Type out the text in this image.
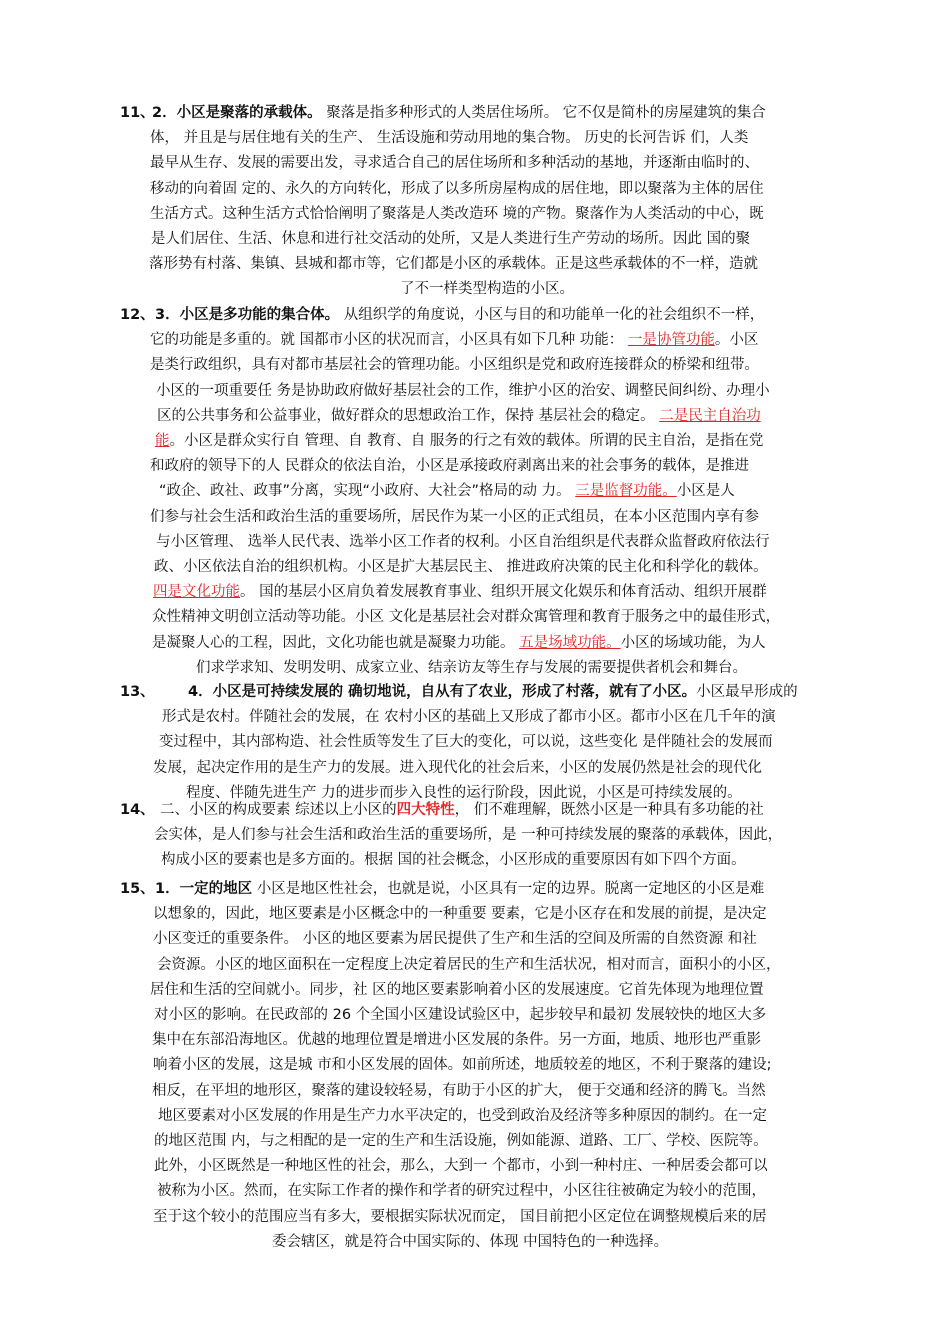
11、
2．小区是聚落的承载体。 聚落是指多种形式的人类居住场所。 它不仅是简朴的房屋建筑的集合
体， 并且是与居住地有关的生产、 生活设施和劳动用地的集合物。 历史的长河告诉 们，人类
最早从生存、发展的需要出发，寻求适合自己的居住场所和多种活动的基地，并逐渐由临时的、
移动的向着固 定的、永久的方向转化，形成了以多所房屋构成的居住地，即以聚落为主体的居住
生活方式。这种生活方式恰恰阐明了聚落是人类改造环 境的产物。聚落作为人类活动的中心，既
是人们居住、生活、休息和进行社交活动的处所，又是人类进行生产劳动的场所。因此 国的聚
落形势有村落、集镇、县城和都市等，它们都是小区的承载体。正是这些承载体的不一样，造就
了不一样类型构造的小区。
12、 3．小区是多功能的集合体。 从组织学的角度说，小区与目的和功能单一化的社会组织不一样，
它的功能是多重的。就 国都市小区的状况而言，小区具有如下几种 功能： 一是协管功能。小区
是类行政组织，具有对都市基层社会的管理功能。小区组织是党和政府连接群众的桥梁和纽带。
小区的一项重要任 务是协助政府做好基层社会的工作，维护小区的治安、调整民间纠纷、办理小
区的公共事务和公益事业，做好群众的思想政治工作，保持 基层社会的稳定。 二是民主自治功
能。小区是群众实行自 管理、自 教育、自 服务的行之有效的载体。所谓的民主自治，是指在党
和政府的领导下的人 民群众的依法自治，小区是承接政府剥离出来的社会事务的载体，是推进
“政企、政社、政事”分离，实现“小政府、大社会”格局的动 力。 三是监督功能。小区是人
们参与社会生活和政治生活的重要场所，居民作为某一小区的正式组员，在本小区范围内享有参
与小区管理、 选举人民代表、选举小区工作者的权利。小区自治组织是代表群众监督政府依法行
政、小区依法自治的组织机构。小区是扩大基层民主、 推进政府决策的民主化和科学化的载体。
四是文化功能。 国的基层小区肩负着发展教育事业、组织开展文化娱乐和体育活动、组织开展群
众性精神文明创立活动等功能。小区 文化是基层社会对群众寓管理和教育于服务之中的最佳形式，
是凝聚人心的工程，因此，文化功能也就是凝聚力功能。 五是场域功能。小区的场域功能，为人
们求学求知、发明发明、成家立业、结亲访友等生存与发展的需要提供者机会和舞台。
13、 4．小区是可持续发展的 确切地说，自从有了农业，形成了村落，就有了小区。小区最早形成的
形式是农村。伴随社会的发展，在 农村小区的基础上又形成了都市小区。都市小区在几千年的演
变过程中，其内部构造、社会性质等发生了巨大的变化，可以说，这些变化 是伴随社会的发展而
发展，起决定作用的是生产力的发展。进入现代化的社会后来，小区的发展仍然是社会的现代化
程度、伴随先进生产 力的进步而步入良性的运行阶段，因此说，小区是可持续发展的。
14、 二、小区的构成要素 综述以上小区的四大特性， 们不难理解，既然小区是一种具有多功能的社
会实体，是人们参与社会生活和政治生活的重要场所，是 一种可持续发展的聚落的承载体，因此，
构成小区的要素也是多方面的。根据 国的社会概念，小区形成的重要原因有如下四个方面。
15、 1．一定的地区 小区是地区性社会，也就是说，小区具有一定的边界。脱离一定地区的小区是难
以想象的，因此，地区要素是小区概念中的一种重要 要素，它是小区存在和发展的前提，是决定
小区变迁的重要条件。 小区的地区要素为居民提供了生产和生活的空间及所需的自然资源 和社
会资源。小区的地区面积在一定程度上决定着居民的生产和生活状况，相对而言，面积小的小区，
居住和生活的空间就小。同步，社 区的地区要素影响着小区的发展速度。它首先体现为地理位置
对小区的影响。在民政部的 26 个全国小区建设试验区中，起步较早和最初 发展较快的地区大多
集中在东部沿海地区。优越的地理位置是增进小区发展的条件。另一方面，地质、地形也严重影
响着小区的发展，这是城 市和小区发展的固体。如前所述，地质较差的地区，不利于聚落的建设;
相反，在平坦的地形区，聚落的建设较轻易，有助于小区的扩大， 便于交通和经济的腾飞。当然
地区要素对小区发展的作用是生产力水平决定的，也受到政治及经济等多种原因的制约。在一定
的地区范围 内，与之相配的是一定的生产和生活设施，例如能源、道路、工厂、学校、医院等。
此外，小区既然是一种地区性的社会，那么，大到一 个都市，小到一种村庄、一种居委会都可以
被称为小区。然而，在实际工作者的操作和学者的研究过程中，小区往往被确定为较小的范围，
至于这个较小的范围应当有多大，要根据实际状况而定， 国目前把小区定位在调整规模后来的居
委会辖区，就是符合中国实际的、体现 中国特色的一种选择。
